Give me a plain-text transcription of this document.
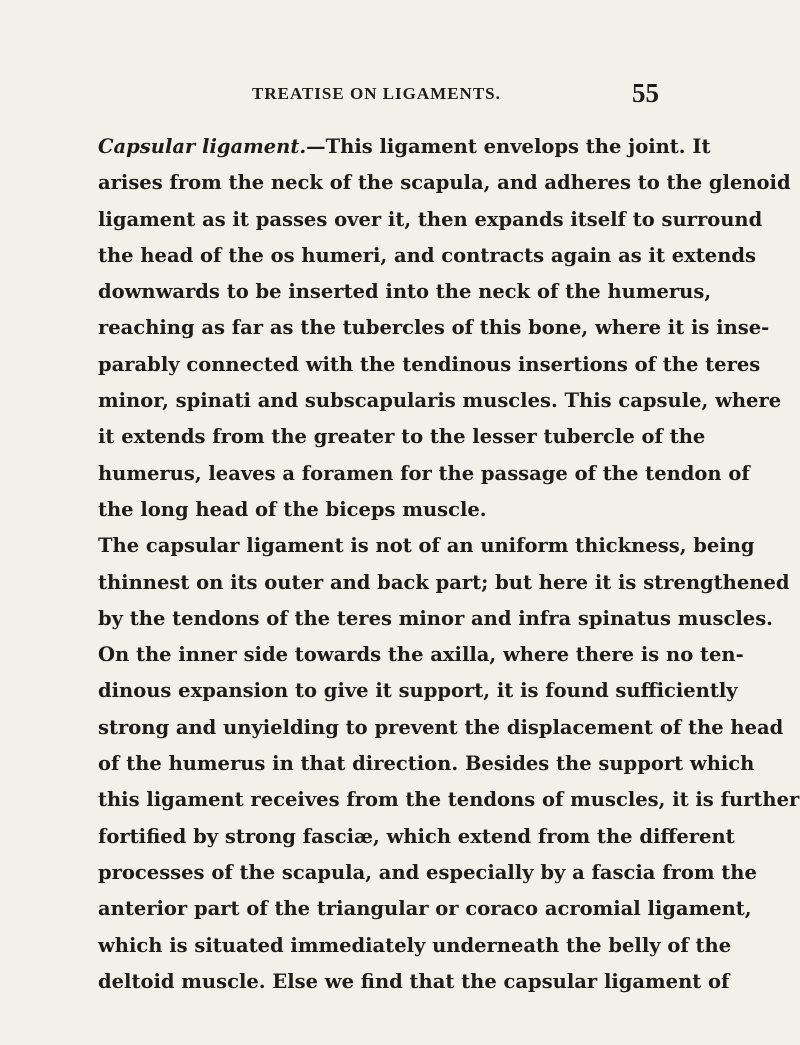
TREATISE ON LIGAMENTS.	55
Capsular ligament.—This ligament envelops the joint. It
arises from the neck of the scapula, and adheres to the glenoid
ligament as it passes over it, then expands itself to surround
the head of the os humeri, and contracts again as it extends
downwards to be inserted into the neck of the humerus,
reaching as far as the tubercles of this bone, where it is inse-
parably connected with the tendinous insertions of the teres
minor, spinati and subscapularis muscles. This capsule, where
it extends from the greater to the lesser tubercle of the
humerus, leaves a foramen for the passage of the tendon of
the long head of the biceps muscle.
The capsular ligament is not of an uniform thickness, being
thinnest on its outer and back part; but here it is strengthened
by the tendons of the teres minor and infra spinatus muscles.
On the inner side towards the axilla, where there is no ten-
dinous expansion to give it support, it is found sufficiently
strong and unyielding to prevent the displacement of the head
of the humerus in that direction. Besides the support which
this ligament receives from the tendons of muscles, it is further
fortified by strong fasciæ, which extend from the different
processes of the scapula, and especially by a fascia from the
anterior part of the triangular or coraco acromial ligament,
which is situated immediately underneath the belly of the
deltoid muscle. Else we find that the capsular ligament of
